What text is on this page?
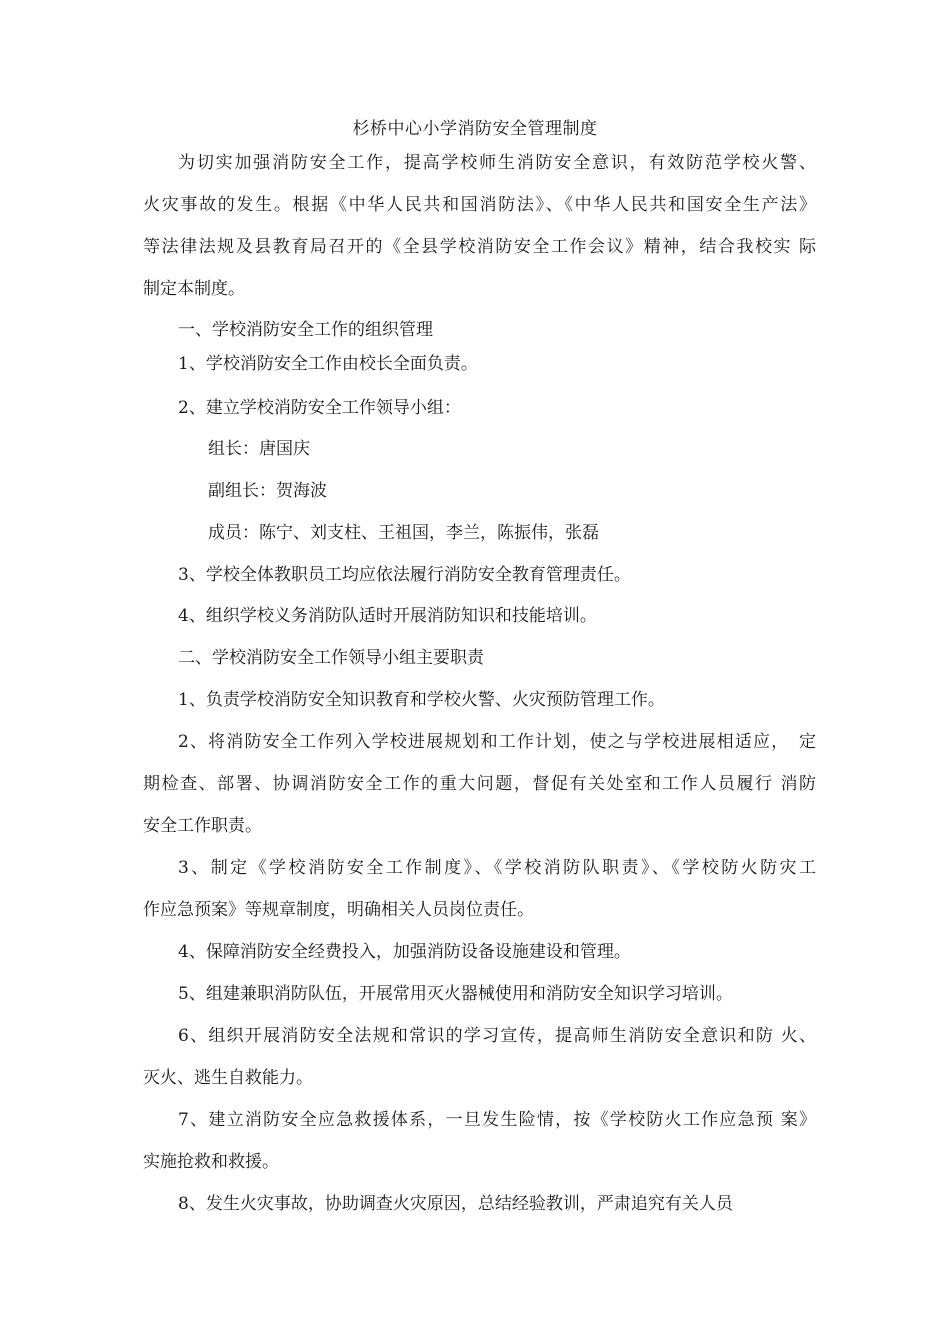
杉桥中心小学消防安全管理制度
为切实加强消防安全工作，提高学校师生消防安全意识，有效防范学校火警、
火灾事故的发生。根据《中华人民共和国消防法》、《中华人民共和国安全生产法》
等法律法规及县教育局召开的《全县学校消防安全工作会议》精神，结合我校实 际
制定本制度。
一、学校消防安全工作的组织管理
1、学校消防安全工作由校长全面负责。
2、建立学校消防安全工作领导小组：
组长：唐国庆
副组长：贺海波
成员：陈宁、刘支柱、王祖国，李兰，陈振伟，张磊
3、学校全体教职员工均应依法履行消防安全教育管理责任。
4、组织学校义务消防队适时开展消防知识和技能培训。
二、学校消防安全工作领导小组主要职责
1、负责学校消防安全知识教育和学校火警、火灾预防管理工作。
2、将消防安全工作列入学校进展规划和工作计划，使之与学校进展相适应，　定
期检查、部署、协调消防安全工作的重大问题，督促有关处室和工作人员履行 消防
安全工作职责。
3、制定《学校消防安全工作制度》、《学校消防队职责》、《学校防火防灾工
作应急预案》等规章制度，明确相关人员岗位责任。
4、保障消防安全经费投入，加强消防设备设施建设和管理。
5、组建兼职消防队伍，开展常用灭火器械使用和消防安全知识学习培训。
6、组织开展消防安全法规和常识的学习宣传，提高师生消防安全意识和防 火、
灭火、逃生自救能力。
7、建立消防安全应急救援体系，一旦发生险情，按《学校防火工作应急预 案》
实施抢救和救援。
8、发生火灾事故，协助调查火灾原因，总结经验教训，严肃追究有关人员
